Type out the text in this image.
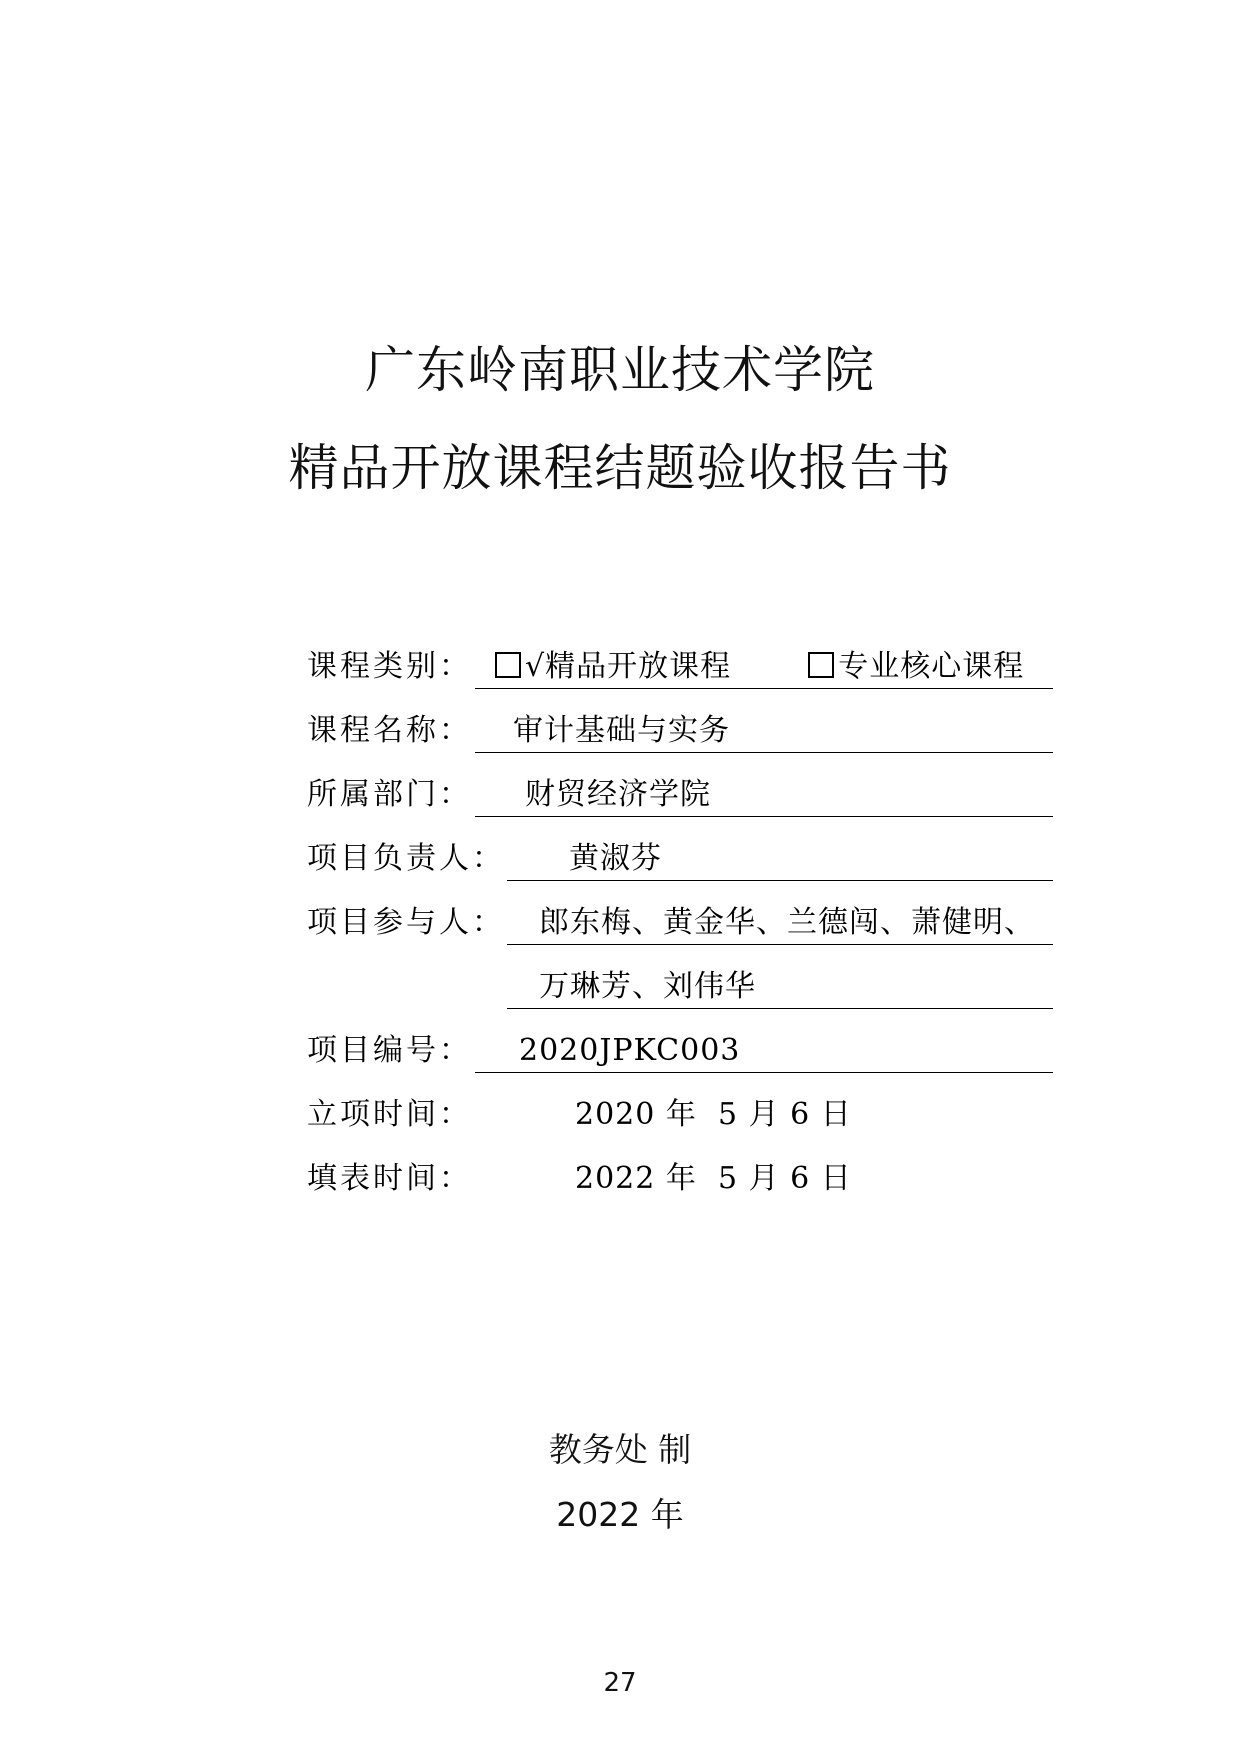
广东岭南职业技术学院
精品开放课程结题验收报告书
课程类别：	√精品开放课程	专业核心课程
课程名称： 审计基础与实务
所属部门： 财贸经济学院
项目负责人： 黄淑芬
项目参与人： 郎东梅、黄金华、兰德闯、萧健明、
万琳芳、刘伟华
项目编号： 2020JPKC003
立项时间：	2020 年  5 月 6 日
填表时间：	2022 年  5 月 6 日
教务处 制
2022 年
27
